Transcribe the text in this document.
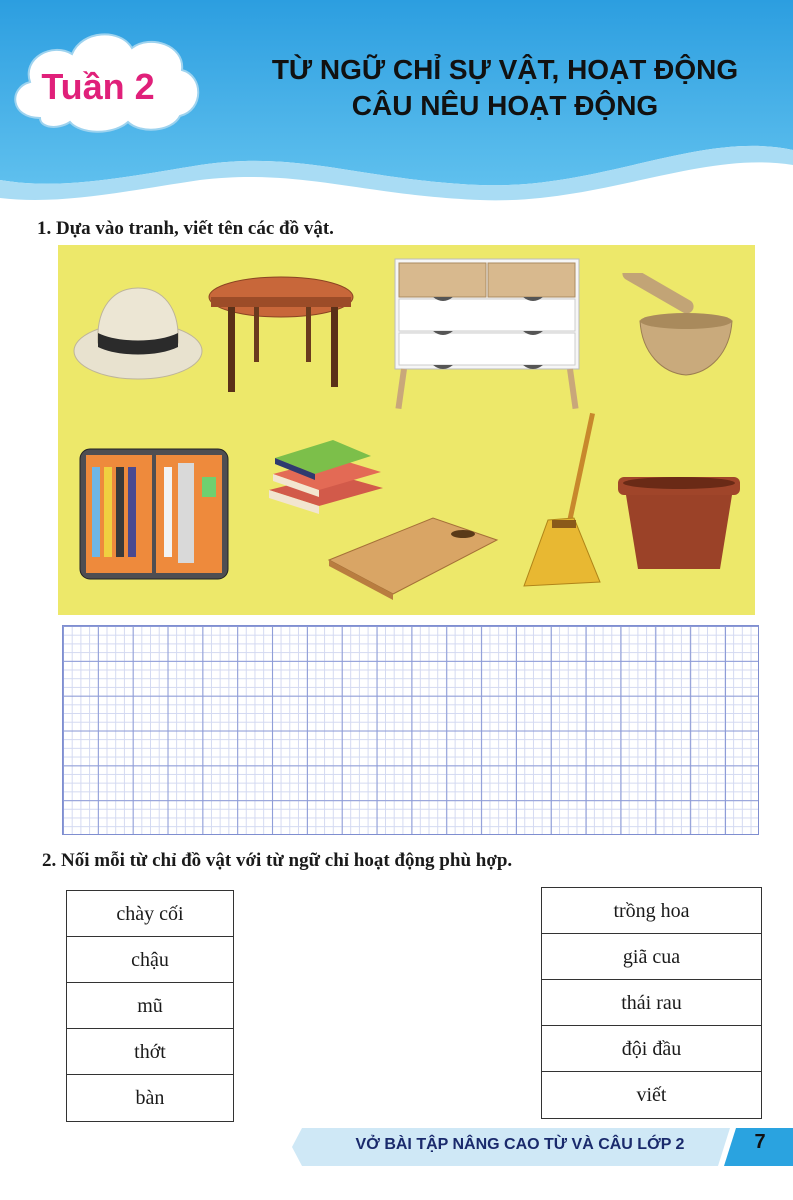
Tuần 2	TỪ NGỮ CHỈ SỰ VẬT, HOẠT ĐỘNG
CÂU NÊU HOẠT ĐỘNG
1. Dựa vào tranh, viết tên các đồ vật.
2. Nối mỗi từ chỉ đồ vật với từ ngữ chỉ hoạt động phù hợp.
chày cối
chậu
mũ
thớt
bàn
trồng hoa
giã cua
thái rau
đội đầu
viết
VỞ BÀI TẬP NÂNG CAO TỪ VÀ CÂU LỚP 2	7
